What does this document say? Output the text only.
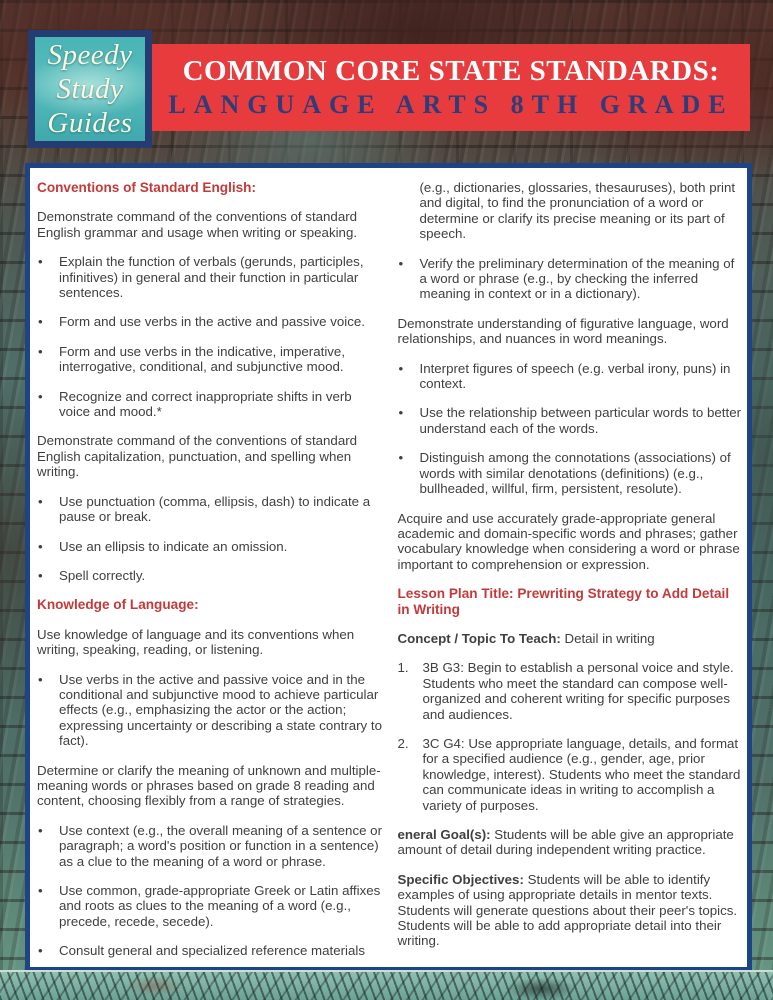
Speedy
Study
Guides
COMMON CORE STATE STANDARDS:
LANGUAGE ARTS 8TH GRADE
Conventions of Standard English:

Demonstrate command of the conventions of standard English grammar and usage when writing or speaking.

• Explain the function of verbals (gerunds, participles, infinitives) in general and their function in particular sentences.
• Form and use verbs in the active and passive voice.
• Form and use verbs in the indicative, imperative, interrogative, conditional, and subjunctive mood.
• Recognize and correct inappropriate shifts in verb voice and mood.*

Demonstrate command of the conventions of standard English capitalization, punctuation, and spelling when writing.

• Use punctuation (comma, ellipsis, dash) to indicate a pause or break.
• Use an ellipsis to indicate an omission.
• Spell correctly.
Knowledge of Language:

Use knowledge of language and its conventions when writing, speaking, reading, or listening.

• Use verbs in the active and passive voice and in the conditional and subjunctive mood to achieve particular effects (e.g., emphasizing the actor or the action; expressing uncertainty or describing a state contrary to fact).

Determine or clarify the meaning of unknown and multiple-meaning words or phrases based on grade 8 reading and content, choosing flexibly from a range of strategies.

• Use context (e.g., the overall meaning of a sentence or paragraph; a word's position or function in a sentence) as a clue to the meaning of a word or phrase.
• Use common, grade-appropriate Greek or Latin affixes and roots as clues to the meaning of a word (e.g., precede, recede, secede).
• Consult general and specialized reference materials

(e.g., dictionaries, glossaries, thesauruses), both print and digital, to find the pronunciation of a word or determine or clarify its precise meaning or its part of speech.

• Verify the preliminary determination of the meaning of a word or phrase (e.g., by checking the inferred meaning in context or in a dictionary).

Demonstrate understanding of figurative language, word relationships, and nuances in word meanings.

• Interpret figures of speech (e.g. verbal irony, puns) in context.
• Use the relationship between particular words to better understand each of the words.
• Distinguish among the connotations (associations) of words with similar denotations (definitions) (e.g., bullheaded, willful, firm, persistent, resolute).

Acquire and use accurately grade-appropriate general academic and domain-specific words and phrases; gather vocabulary knowledge when considering a word or phrase important to comprehension or expression.

Lesson Plan Title: Prewriting Strategy to Add Detail in Writing

Concept / Topic To Teach: Detail in writing

3B G3: Begin to establish a personal voice and style. Students who meet the standard can compose well-organized and coherent writing for specific purposes and audiences.
3C G4: Use appropriate language, details, and format for a specified audience (e.g., gender, age, prior knowledge, interest). Students who meet the standard can communicate ideas in writing to accomplish a variety of purposes.

eneral Goal(s): Students will be able give an appropriate amount of detail during independent writing practice.

Specific Objectives: Students will be able to identify examples of using appropriate details in mentor texts. Students will generate questions about their peer's topics. Students will be able to add appropriate detail into their writing.
